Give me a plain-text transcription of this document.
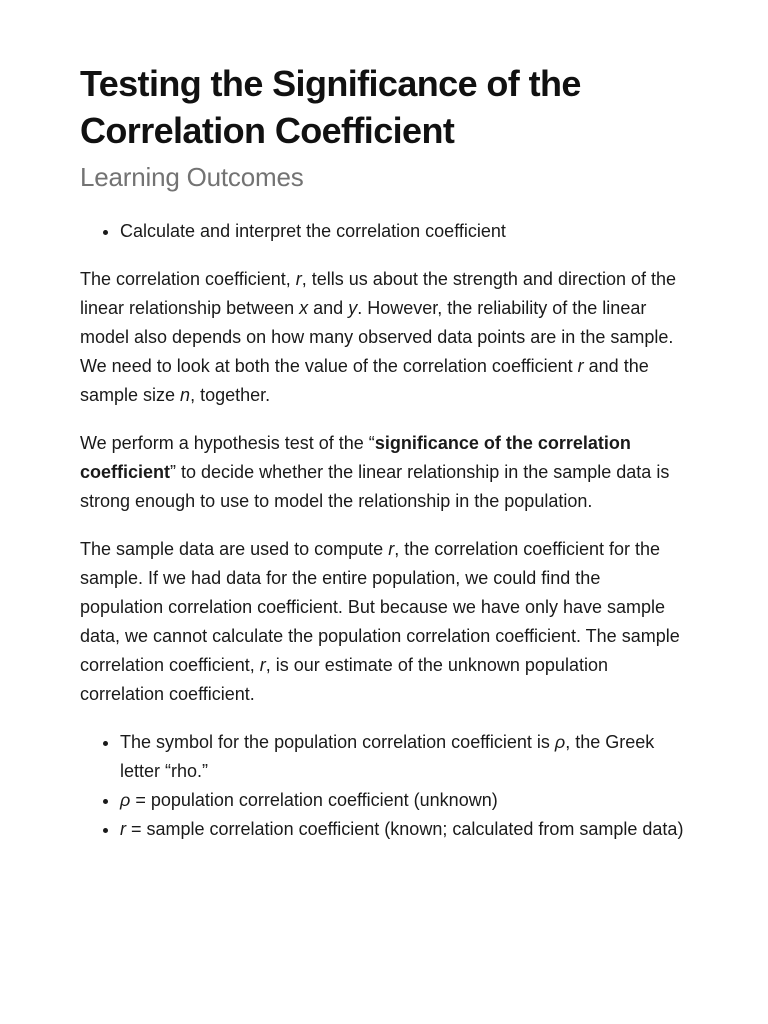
Testing the Significance of the Correlation Coefficient
Learning Outcomes
• Calculate and interpret the correlation coefficient

The correlation coefficient, r, tells us about the strength and direction of the linear relationship between x and y. However, the reliability of the linear model also depends on how many observed data points are in the sample. We need to look at both the value of the correlation coefficient r and the sample size n, together.

We perform a hypothesis test of the “significance of the correlation coefficient” to decide whether the linear relationship in the sample data is strong enough to use to model the relationship in the population.

The sample data are used to compute r, the correlation coefficient for the sample. If we had data for the entire population, we could find the population correlation coefficient. But because we have only have sample data, we cannot calculate the population correlation coefficient. The sample correlation coefficient, r, is our estimate of the unknown population correlation coefficient.

• The symbol for the population correlation coefficient is ρ, the Greek letter “rho.”
• ρ = population correlation coefficient (unknown)
• r = sample correlation coefficient (known; calculated from sample data)
